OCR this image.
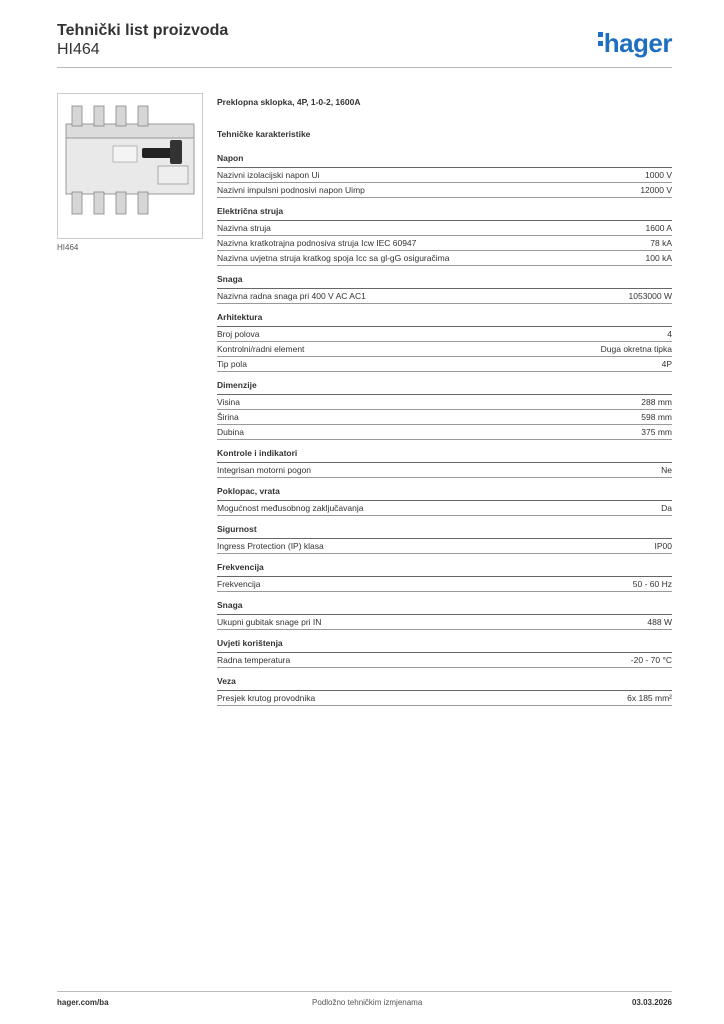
Tehnički list proizvoda
HI464	hager
HI464
Preklopna sklopka, 4P, 1-0-2, 1600A
Tehničke karakteristike
Napon
Nazivni izolacijski napon Ui	1000 V
Nazivni impulsni podnosivi napon Uimp	12000 V
Električna struja
Nazivna struja	1600 A
Nazivna kratkotrajna podnosiva struja Icw IEC 60947	78 kA
Nazivna uvjetna struja kratkog spoja Icc sa gl-gG osiguračima	100 kA
Snaga
Nazivna radna snaga pri 400 V AC AC1	1053000 W
Arhitektura
Broj polova	4
Kontrolni/radni element	Duga okretna tipka
Tip pola	4P
Dimenzije
Visina	288 mm
Širina	598 mm
Dubina	375 mm
Kontrole i indikatori
Integrisan motorni pogon	Ne
Poklopac, vrata
Mogućnost međusobnog zaključavanja	Da
Sigurnost
Ingress Protection (IP) klasa	IP00
Frekvencija
Frekvencija	50 - 60 Hz
Snaga
Ukupni gubitak snage pri IN	488 W
Uvjeti korištenja
Radna temperatura	-20 - 70 °C
Veza
Presjek krutog provodnika	6x 185 mm²
hager.com/ba	Podložno tehničkim izmjenama	03.03.2026
